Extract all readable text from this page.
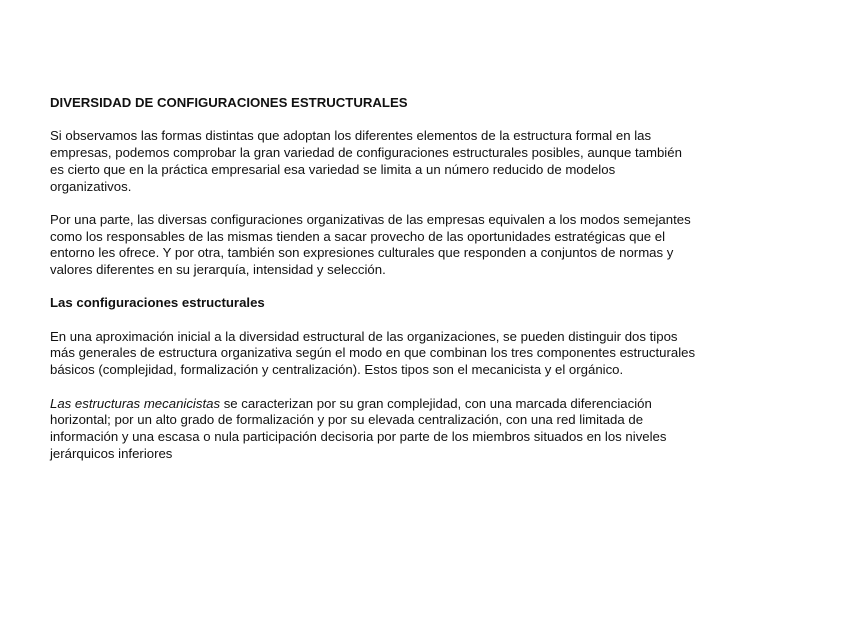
DIVERSIDAD DE CONFIGURACIONES ESTRUCTURALES
Si observamos las formas distintas que adoptan los diferentes elementos de la estructura formal en las
empresas, podemos comprobar la gran variedad de configuraciones estructurales posibles, aunque también
es cierto que en la práctica empresarial esa variedad se limita a un número reducido de modelos
organizativos.
Por una parte, las diversas configuraciones organizativas de las empresas equivalen a los modos semejantes
como los responsables de las mismas tienden a sacar provecho de las oportunidades estratégicas que el
entorno les ofrece. Y por otra, también son expresiones culturales que responden a conjuntos de normas y
valores diferentes en su jerarquía, intensidad y selección.
Las configuraciones estructurales
En una aproximación inicial a la diversidad estructural de las organizaciones, se pueden distinguir dos tipos
más generales de estructura organizativa según el modo en que combinan los tres componentes estructurales
básicos (complejidad, formalización y centralización). Estos tipos son el mecanicista y el orgánico.
Las estructuras mecanicistas se caracterizan por su gran complejidad, con una marcada diferenciación
horizontal; por un alto grado de formalización y por su elevada centralización, con una red limitada de
información y una escasa o nula participación decisoria por parte de los miembros situados en los niveles
jerárquicos inferiores
